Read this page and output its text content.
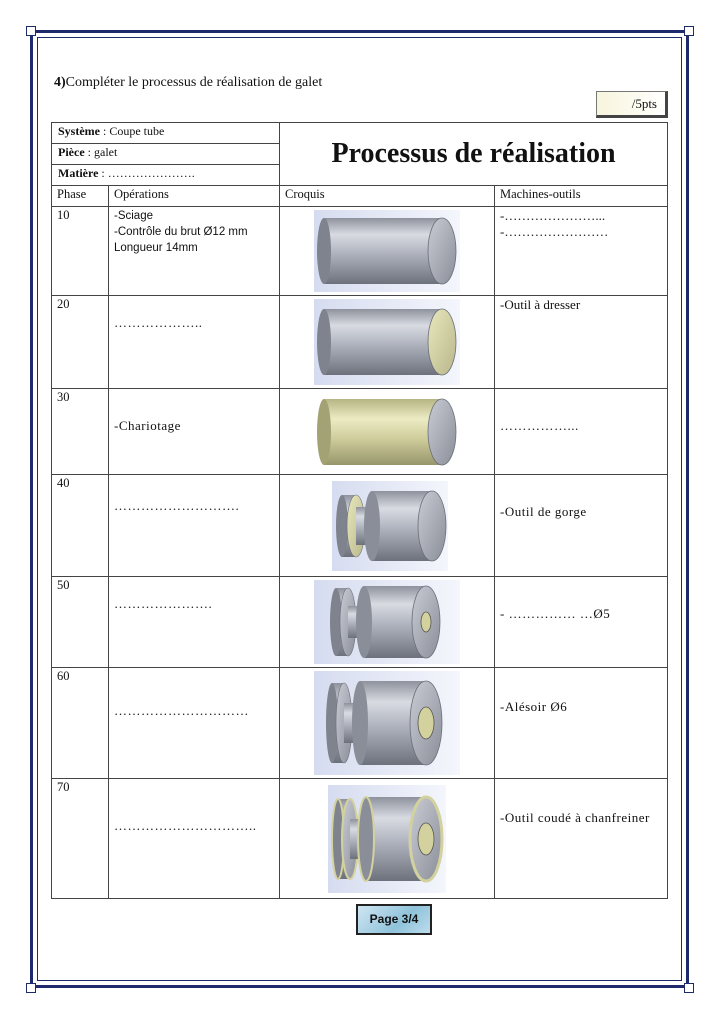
4)Compléter le processus de réalisation de galet
/5pts
Système : Coupe tube		Processus de réalisation	
Pièce : galet			
Matière : ………………….			
Phase	Opérations	Croquis	Machines-outils
10	-Sciage
-Contrôle du brut Ø12 mm
Longueur 14mm		-…………………... -……………………
20	………………..		-Outil à dresser
30	-Chariotage		……………...

40	……………………….		-Outil de gorge

50	………………….		- …………… …Ø5

60	…………………………		-Alésoir Ø6

70	…………………………..		-Outil coudé à chanfreiner
Page 3/4
